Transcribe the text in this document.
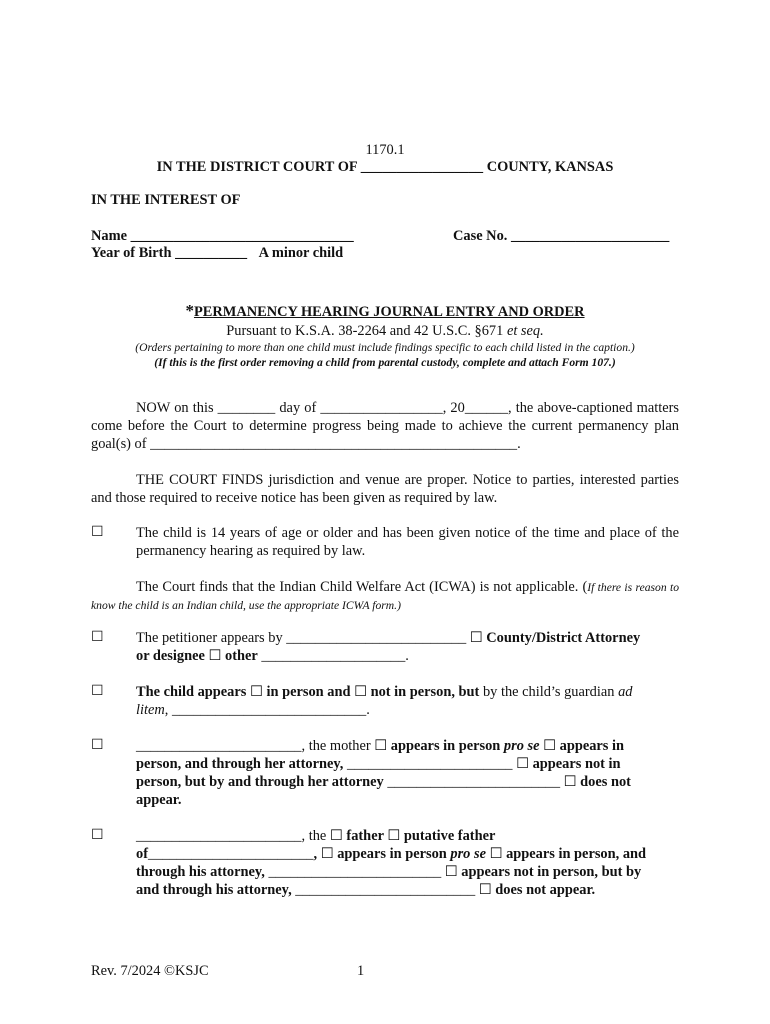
1170.1
IN THE DISTRICT COURT OF _________________ COUNTY, KANSAS
IN THE INTEREST OF
Name _______________________________	Case No. ______________________
Year of Birth __________ A minor child
*PERMANENCY HEARING JOURNAL ENTRY AND ORDER
Pursuant to K.S.A. 38-2264 and 42 U.S.C. §671 et seq.
(Orders pertaining to more than one child must include findings specific to each child listed in the caption.)
(If this is the first order removing a child from parental custody, complete and attach Form 107.)

NOW on this ________ day of _________________, 20______, the above-captioned matters come before the Court to determine progress being made to achieve the current permanency plan goal(s) of ___________________________________________________.

THE COURT FINDS jurisdiction and venue are proper. Notice to parties, interested parties and those required to receive notice has been given as required by law.

☐ The child is 14 years of age or older and has been given notice of the time and place of the permanency hearing as required by law.

The Court finds that the Indian Child Welfare Act (ICWA) is not applicable. (If there is reason to know the child is an Indian child, use the appropriate ICWA form.)

☐ The petitioner appears by _________________________ ☐ County/District Attorney
or designee ☐ other ____________________.

☐ The child appears ☐ in person and ☐ not in person, but by the child’s guardian ad
litem, ___________________________.

☐ _______________________, the mother ☐ appears in person pro se ☐ appears in
person, and through her attorney, _______________________ ☐ appears not in
person, but by and through her attorney ________________________ ☐ does not
appear.
☐ _______________________, the ☐ father ☐ putative father
of_______________________, ☐ appears in person pro se ☐ appears in person, and
through his attorney, ________________________ ☐ appears not in person, but by
and through his attorney, _________________________ ☐ does not appear.
Rev. 7/2024 ©KSJC	1
